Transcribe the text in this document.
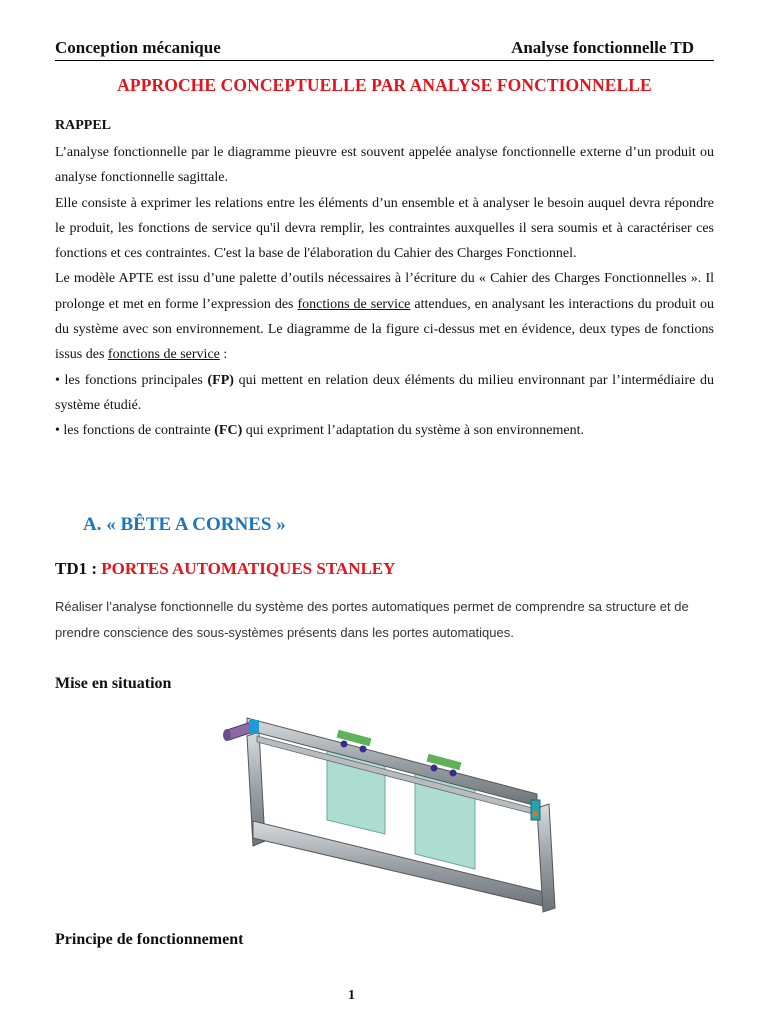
Conception mécanique	Analyse fonctionnelle TD
APPROCHE CONCEPTUELLE PAR ANALYSE FONCTIONNELLE
RAPPEL

L’analyse fonctionnelle par le diagramme pieuvre est souvent appelée analyse fonctionnelle externe d’un produit ou analyse fonctionnelle sagittale.

Elle consiste à exprimer les relations entre les éléments d’un ensemble et à analyser le besoin auquel devra répondre le produit, les fonctions de service qu'il devra remplir, les contraintes auxquelles il sera soumis et à caractériser ces fonctions et ces contraintes. C'est la base de l'élaboration du Cahier des Charges Fonctionnel.

Le modèle APTE est issu d’une palette d’outils nécessaires à l’écriture du « Cahier des Charges Fonctionnelles ». Il prolonge et met en forme l’expression des fonctions de service attendues, en analysant les interactions du produit ou du système avec son environnement. Le diagramme de la figure ci-dessus met en évidence, deux types de fonctions issus des fonctions de service :

• les fonctions principales (FP) qui mettent en relation deux éléments du milieu environnant par l’intermédiaire du système étudié.

• les fonctions de contrainte (FC) qui expriment l’adaptation du système à son environnement.

A. « BÊTE A CORNES »
TD1 : PORTES AUTOMATIQUES STANLEY

Réaliser l’analyse fonctionnelle du système des portes automatiques permet de comprendre sa structure et de prendre conscience des sous-systèmes présents dans les portes automatiques.

Mise en situation
Principe de fonctionnement
1
